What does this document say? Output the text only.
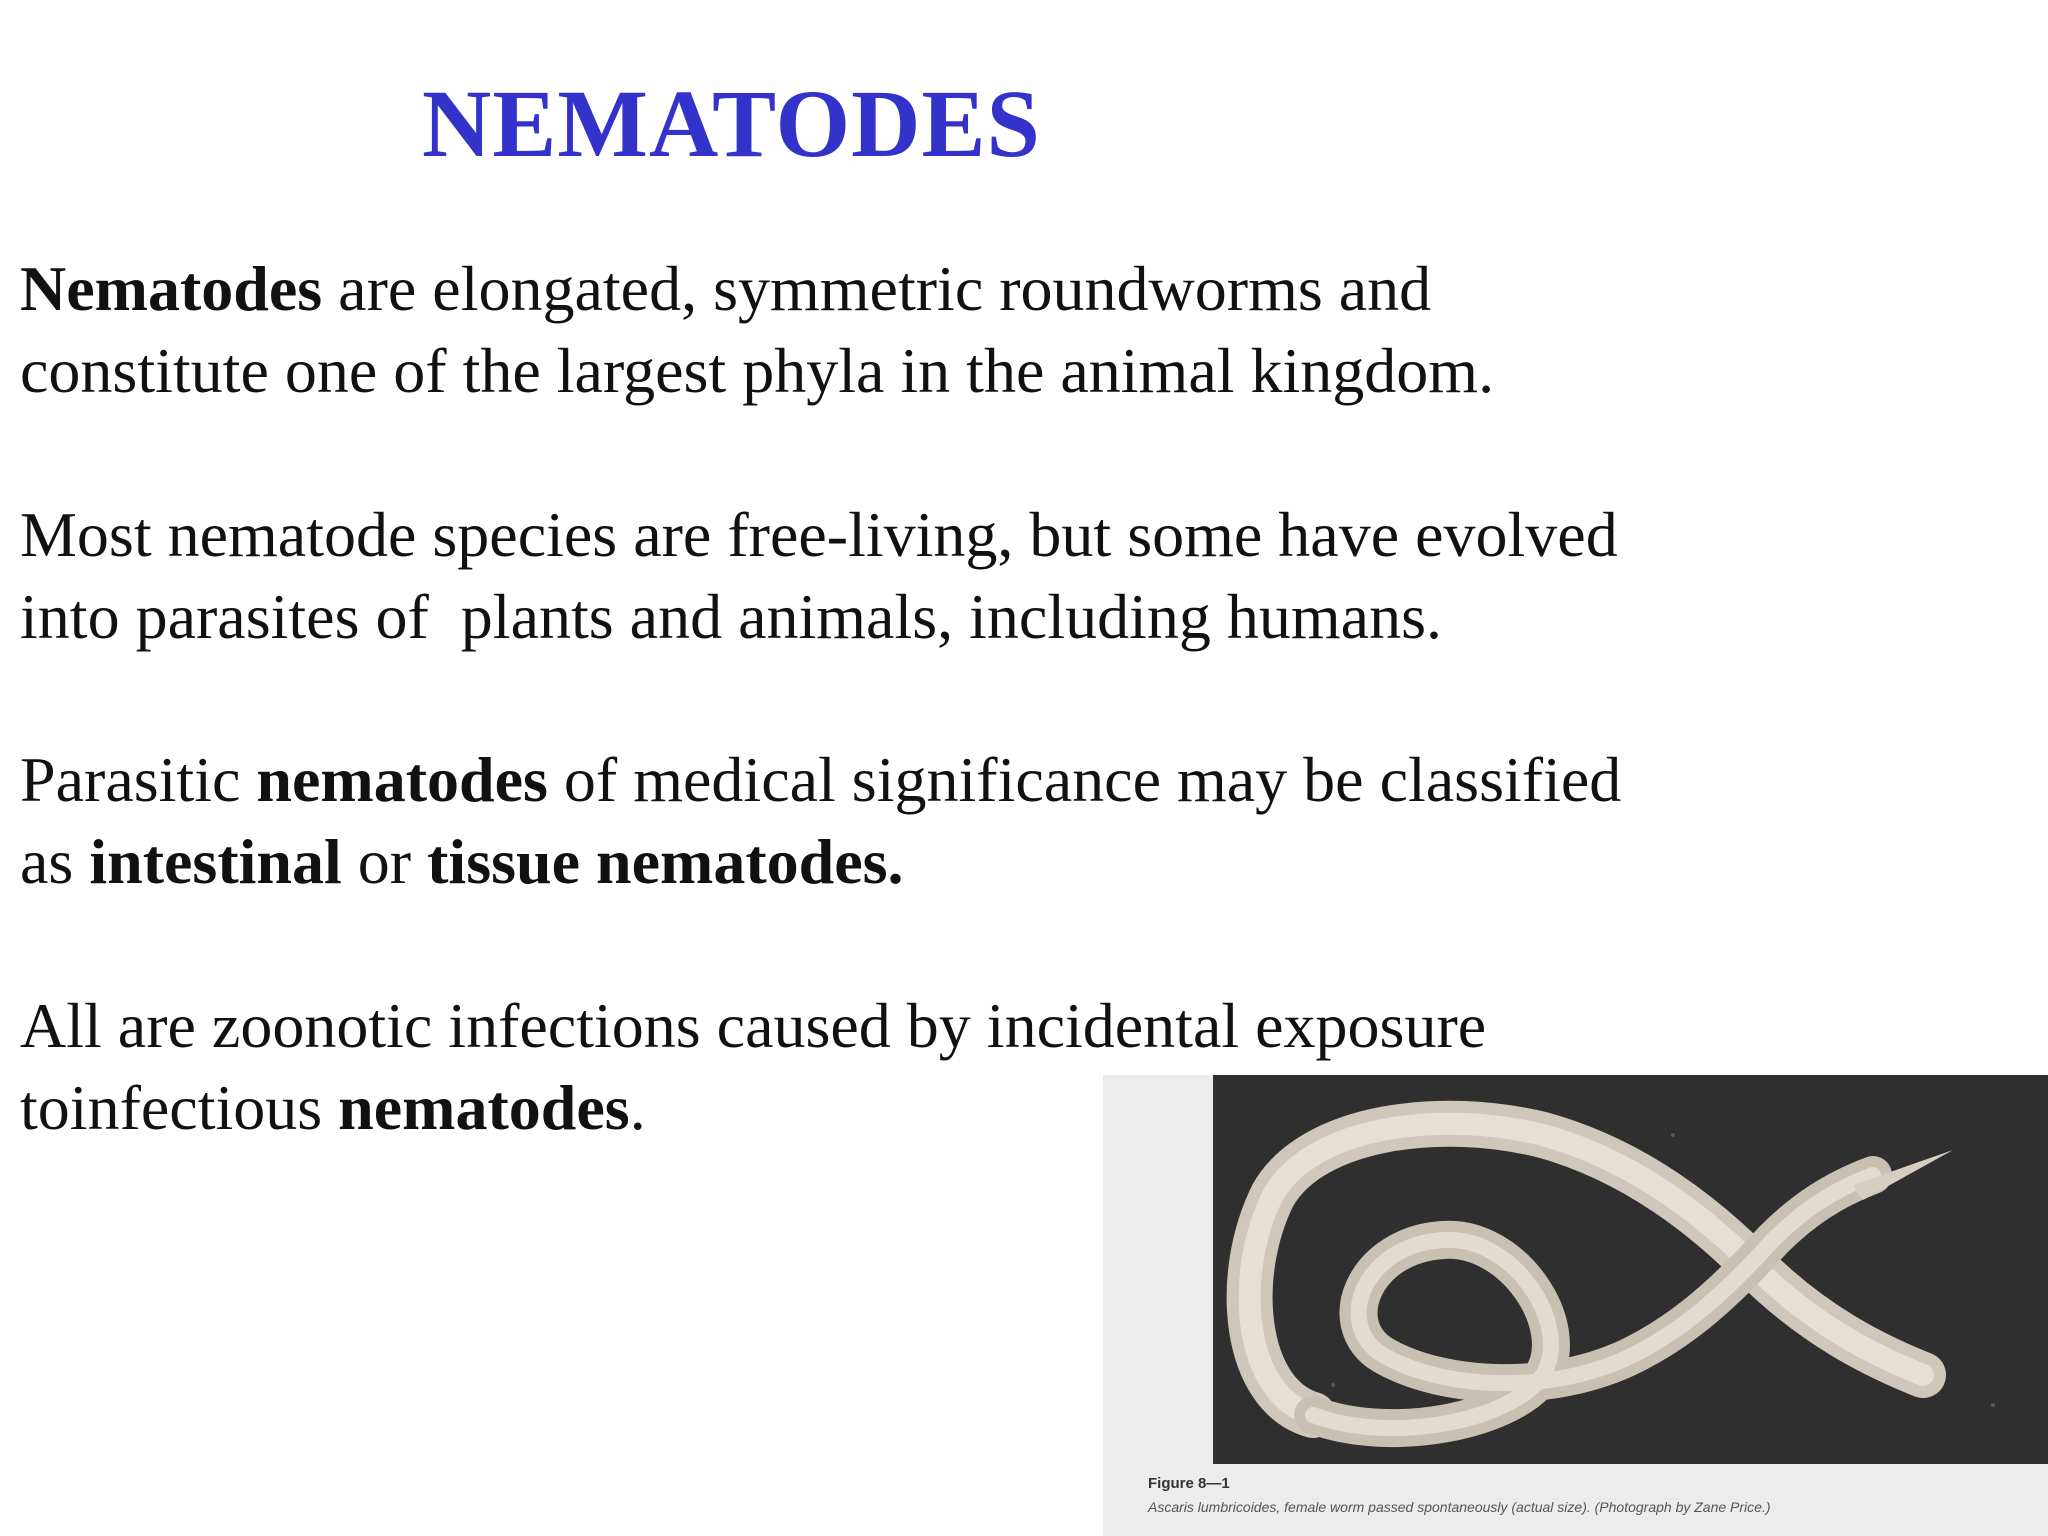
NEMATODES

Nematodes are elongated, symmetric roundworms and
constitute one of the largest phyla in the animal kingdom.

Most nematode species are free-living, but some have evolved
into parasites of  plants and animals, including humans.

Parasitic nematodes of medical significance may be classified
as intestinal or tissue nematodes.

All are zoonotic infections caused by incidental exposure
toinfectious nematodes.

Figure 8—1
Ascaris lumbricoides, female worm passed spontaneously (actual size). (Photograph by Zane Price.)
